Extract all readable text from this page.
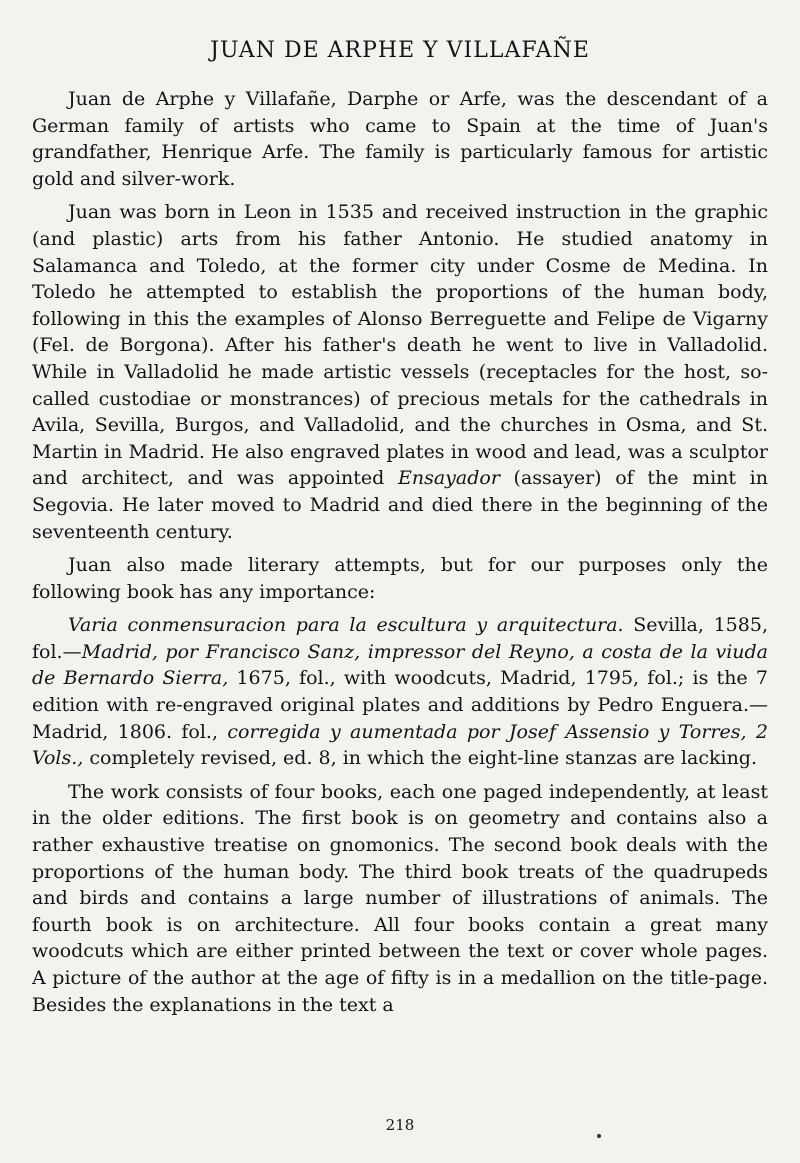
JUAN DE ARPHE Y VILLAFAÑE

Juan de Arphe y Villafañe, Darphe or Arfe, was the descendant of a German family of artists who came to Spain at the time of Juan's grandfather, Henrique Arfe. The family is particularly famous for artistic gold and silver-work.

Juan was born in Leon in 1535 and received instruction in the graphic (and plastic) arts from his father Antonio. He studied anatomy in Salamanca and Toledo, at the former city under Cosme de Medina. In Toledo he attempted to establish the proportions of the human body, following in this the examples of Alonso Berreguette and Felipe de Vigarny (Fel. de Borgona). After his father's death he went to live in Valladolid. While in Valladolid he made artistic vessels (receptacles for the host, so-called custodiae or monstrances) of precious metals for the cathedrals in Avila, Sevilla, Burgos, and Valladolid, and the churches in Osma, and St. Martin in Madrid. He also engraved plates in wood and lead, was a sculptor and architect, and was appointed Ensayador (assayer) of the mint in Segovia. He later moved to Madrid and died there in the beginning of the seventeenth century.

Juan also made literary attempts, but for our purposes only the following book has any importance:

Varia conmensuracion para la escultura y arquitectura. Sevilla, 1585, fol.—Madrid, por Francisco Sanz, impressor del Reyno, a costa de la viuda de Bernardo Sierra, 1675, fol., with woodcuts, Madrid, 1795, fol.; is the 7 edition with re-engraved original plates and additions by Pedro Enguera.—Madrid, 1806. fol., corregida y aumentada por Josef Assensio y Torres, 2 Vols., completely revised, ed. 8, in which the eight-line stanzas are lacking.

The work consists of four books, each one paged independently, at least in the older editions. The first book is on geometry and contains also a rather exhaustive treatise on gnomonics. The second book deals with the proportions of the human body. The third book treats of the quadrupeds and birds and contains a large number of illustrations of animals. The fourth book is on architecture. All four books contain a great many woodcuts which are either printed between the text or cover whole pages. A picture of the author at the age of fifty is in a medallion on the title-page. Besides the explanations in the text a

218
